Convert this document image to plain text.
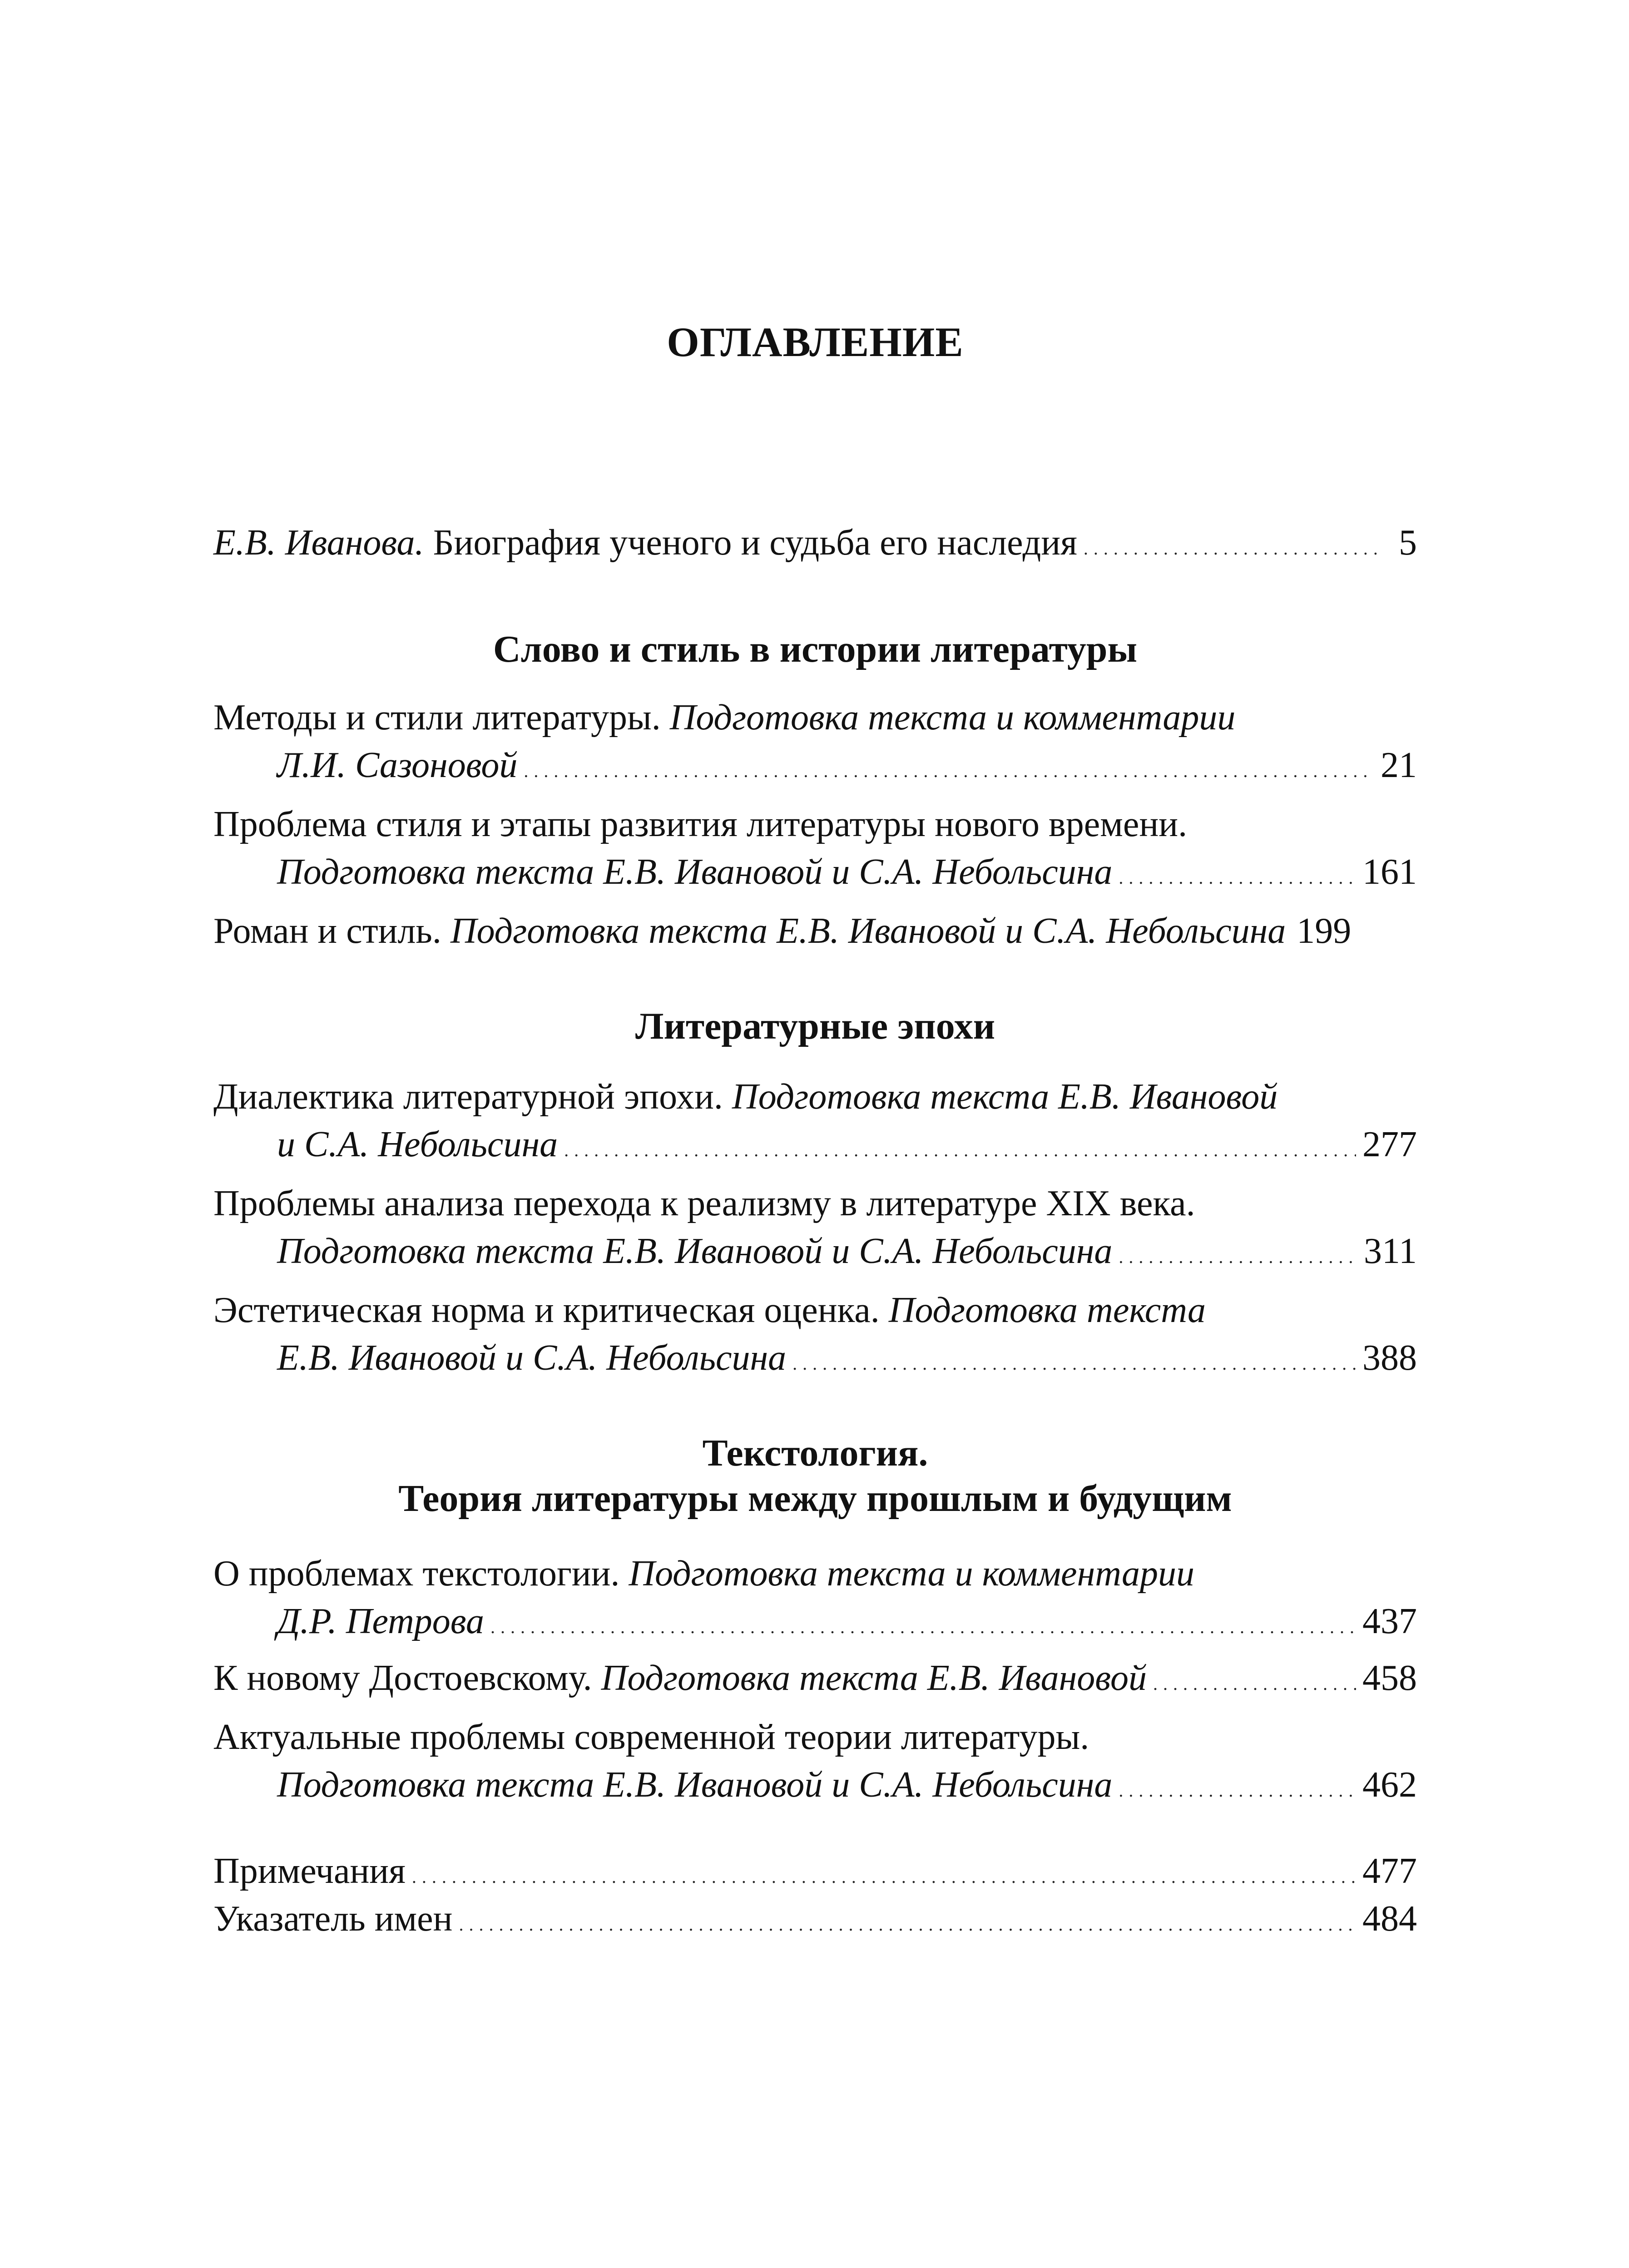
ОГЛАВЛЕНИЕ
Е.В. Иванова. Биография ученого и судьба его наследия . . .	5
Слово и стиль в истории литературы
Методы и стили литературы. Подготовка текста и комментарии
Л.И. Сазоновой . . .	21
Проблема стиля и этапы развития литературы нового времени.
Подготовка текста Е.В. Ивановой и С.А. Небольсина . . .	161
Роман и стиль. Подготовка текста Е.В. Ивановой и С.А. Небольсина 199
Литературные эпохи
Диалектика литературной эпохи. Подготовка текста Е.В. Ивановой
и С.А. Небольсина . . .	277
Проблемы анализа перехода к реализму в литературе XIX века.
Подготовка текста Е.В. Ивановой и С.А. Небольсина . . .	311
Эстетическая норма и критическая оценка. Подготовка текста
Е.В. Ивановой и С.А. Небольсина . . .	388
Текстология.
Теория литературы между прошлым и будущим
О проблемах текстологии. Подготовка текста и комментарии
Д.Р. Петрова . . .	437
К новому Достоевскому. Подготовка текста Е.В. Ивановой . . .	458
Актуальные проблемы современной теории литературы.
Подготовка текста Е.В. Ивановой и С.А. Небольсина . . .	462
Примечания . . .	477
Указатель имен . . .	484
